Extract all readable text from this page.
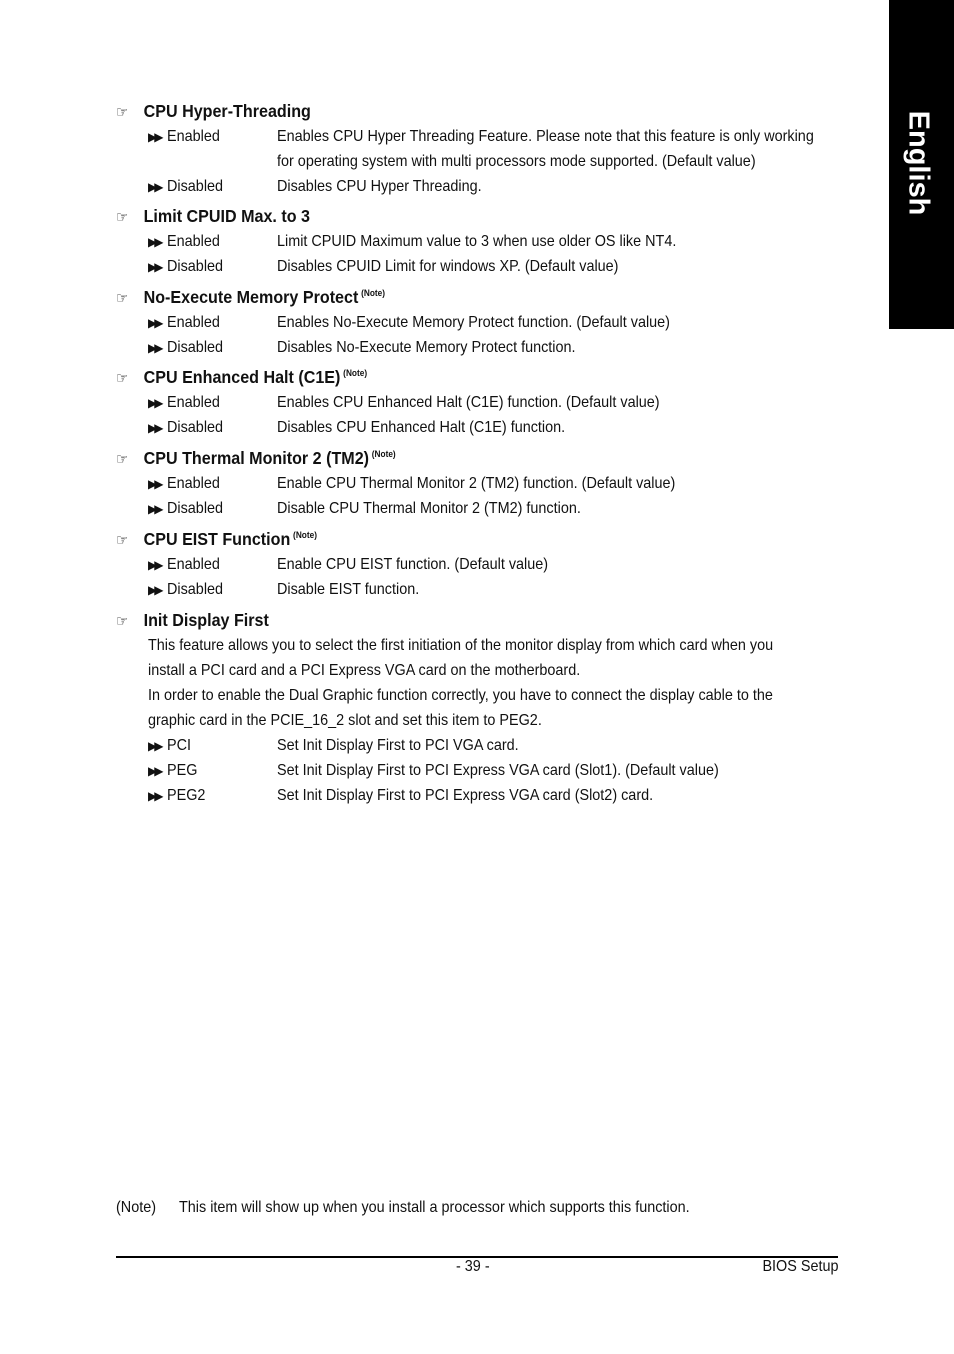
English
☞ CPU Hyper-Threading
▶▶ Enabled	Enables CPU Hyper Threading Feature. Please note that this feature is only working
for operating system with multi processors mode supported. (Default value)
▶▶ Disabled	Disables CPU Hyper Threading.
☞ Limit CPUID Max. to 3
▶▶ Enabled	Limit CPUID Maximum value to 3 when use older OS like NT4.
▶▶ Disabled	Disables CPUID Limit for windows XP. (Default value)
☞ No-Execute Memory Protect $^{(Note)}$
▶▶ Enabled	Enables No-Execute Memory Protect function. (Default value)
▶▶ Disabled	Disables No-Execute Memory Protect function.
☞ CPU Enhanced Halt (C1E) $^{(Note)}$
▶▶ Enabled	Enables CPU Enhanced Halt (C1E) function. (Default value)
▶▶ Disabled	Disables CPU Enhanced Halt (C1E) function.
☞ CPU Thermal Monitor 2 (TM2) $^{(Note)}$
▶▶ Enabled	Enable CPU Thermal Monitor 2 (TM2) function. (Default value)
▶▶ Disabled	Disable CPU Thermal Monitor 2 (TM2) function.
☞ CPU EIST Function $^{(Note)}$
▶▶ Enabled	Enable CPU EIST function. (Default value)
▶▶ Disabled	Disable EIST function.
☞ Init Display First
This feature allows you to select the first initiation of the monitor display from which card when you
install a PCI card and a PCI Express VGA card on the motherboard.
In order to enable the Dual Graphic function correctly, you have to connect the display cable to the
graphic card in the PCIE_16_2 slot and set this item to PEG2.
▶▶ PCI	Set Init Display First to PCI VGA card.
▶▶ PEG	Set Init Display First to PCI Express VGA card (Slot1). (Default value)
▶▶ PEG2	Set Init Display First to PCI Express VGA card (Slot2) card.
(Note) This item will show up when you install a processor which supports this function.
- 39 -	BIOS Setup
